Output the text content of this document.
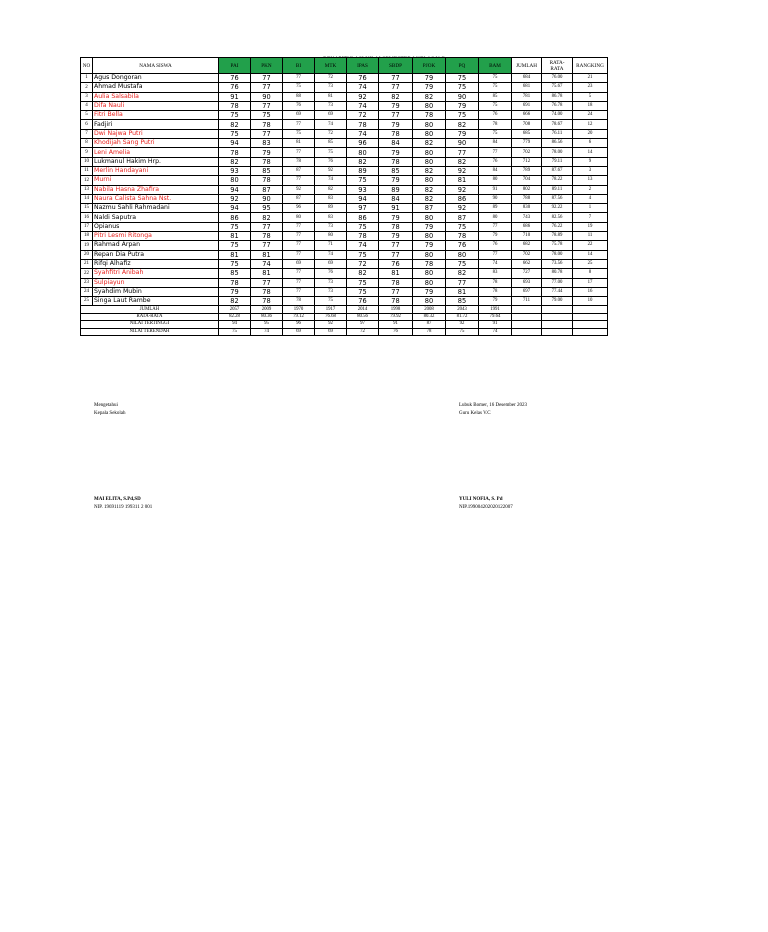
NO	NAMA SISWA	PAI	PKN	BI	MTK	IPAS	SBDP	PJOK	PQ	BAM	JUMLAH	RATA-
RATA	RANGKING
1	Agus Dongoran	76	77	77	72	76	77	79	75	75	684	76.00	21
2	Ahmad Mustafa	76	77	75	73	74	77	79	75	75	681	75.67	23
3	Aulia Salsabila	91	90	88	81	92	82	82	90	85	781	86.78	5
4	Difa Nauli	78	77	76	73	74	79	80	79	75	691	76.78	18
5	Fitri Bella	75	75	69	69	72	77	78	75	76	666	74.00	24
6	Fadjiri	82	78	77	74	78	79	80	82	78	708	78.67	12
7	Dwi Najwa Putri	75	77	75	72	74	78	80	79	75	685	76.11	20
8	Khodijah Sang Putri	94	83	81	85	96	84	82	90	84	779	86.56	6
9	Leni Amelia	78	79	77	75	80	79	80	77	77	702	78.00	14
10	Lukmanul Hakim Hrp.	82	78	78	76	82	78	80	82	76	712	79.11	9
11	Merlin Handayani	93	85	87	92	89	85	82	92	84	789	87.67	3
12	Murni	80	78	77	74	75	79	80	81	80	704	78.22	13
13	Nabila Hasna Zhafira	94	87	92	82	93	89	82	92	91	802	89.11	2
14	Naura Calista Sahna Nst.	92	90	87	83	94	84	82	86	90	788	87.56	4
15	Nazmu Sahli Rahmadani	94	95	96	89	97	91	87	92	89	830	92.22	1
16	Naldi Saputra	86	82	80	83	86	79	80	87	80	743	82.56	7
17	Opianus	75	77	77	73	75	78	79	75	77	686	76.22	19
18	Pitri Lesmi Ritonga	81	78	77	80	78	79	80	78	79	710	78.89	11
19	Rahmad Arpan	75	77	77	71	74	77	79	76	76	682	75.78	22
20	Repan Dia Putra	81	81	77	74	75	77	80	80	77	702	78.00	14
21	Rifqi Alhafiz	75	74	69	69	72	76	78	75	74	662	73.56	25
22	Syahfitri Anibah	85	81	77	76	82	81	80	82	83	727	80.78	8
23	Sulpiayun	78	77	77	73	75	78	80	77	78	693	77.00	17
24	Syahdim Mubin	79	78	77	73	75	77	79	81	78	697	77.44	16
25	Singa Laut Rambe	82	78	78	75	76	78	80	85	79	711	79.00	10
JUMLAH		2057	2009	1970	1917	2014	1998	2008	2043	1991			
RATA-RATA		82.28	80.36	79.12	76.68	80.56	79.92	80.32	81.72	79.64			
NILAI TERTINGGI		94	95	96	92	97	91	87	92	91			
NILAI TERENDAH		75	74	69	69	72	76	78	75	74			
Mengetahui
Kepala Sekolah
MAI ELITA, S.Pd,SD
NIP. 19691119 199311 2 001
Lubuk Bomer, 16 Desember 2023
Guru Kelas V.C
YULI NOFIA, S. Pd
NIP.199004202020122007
